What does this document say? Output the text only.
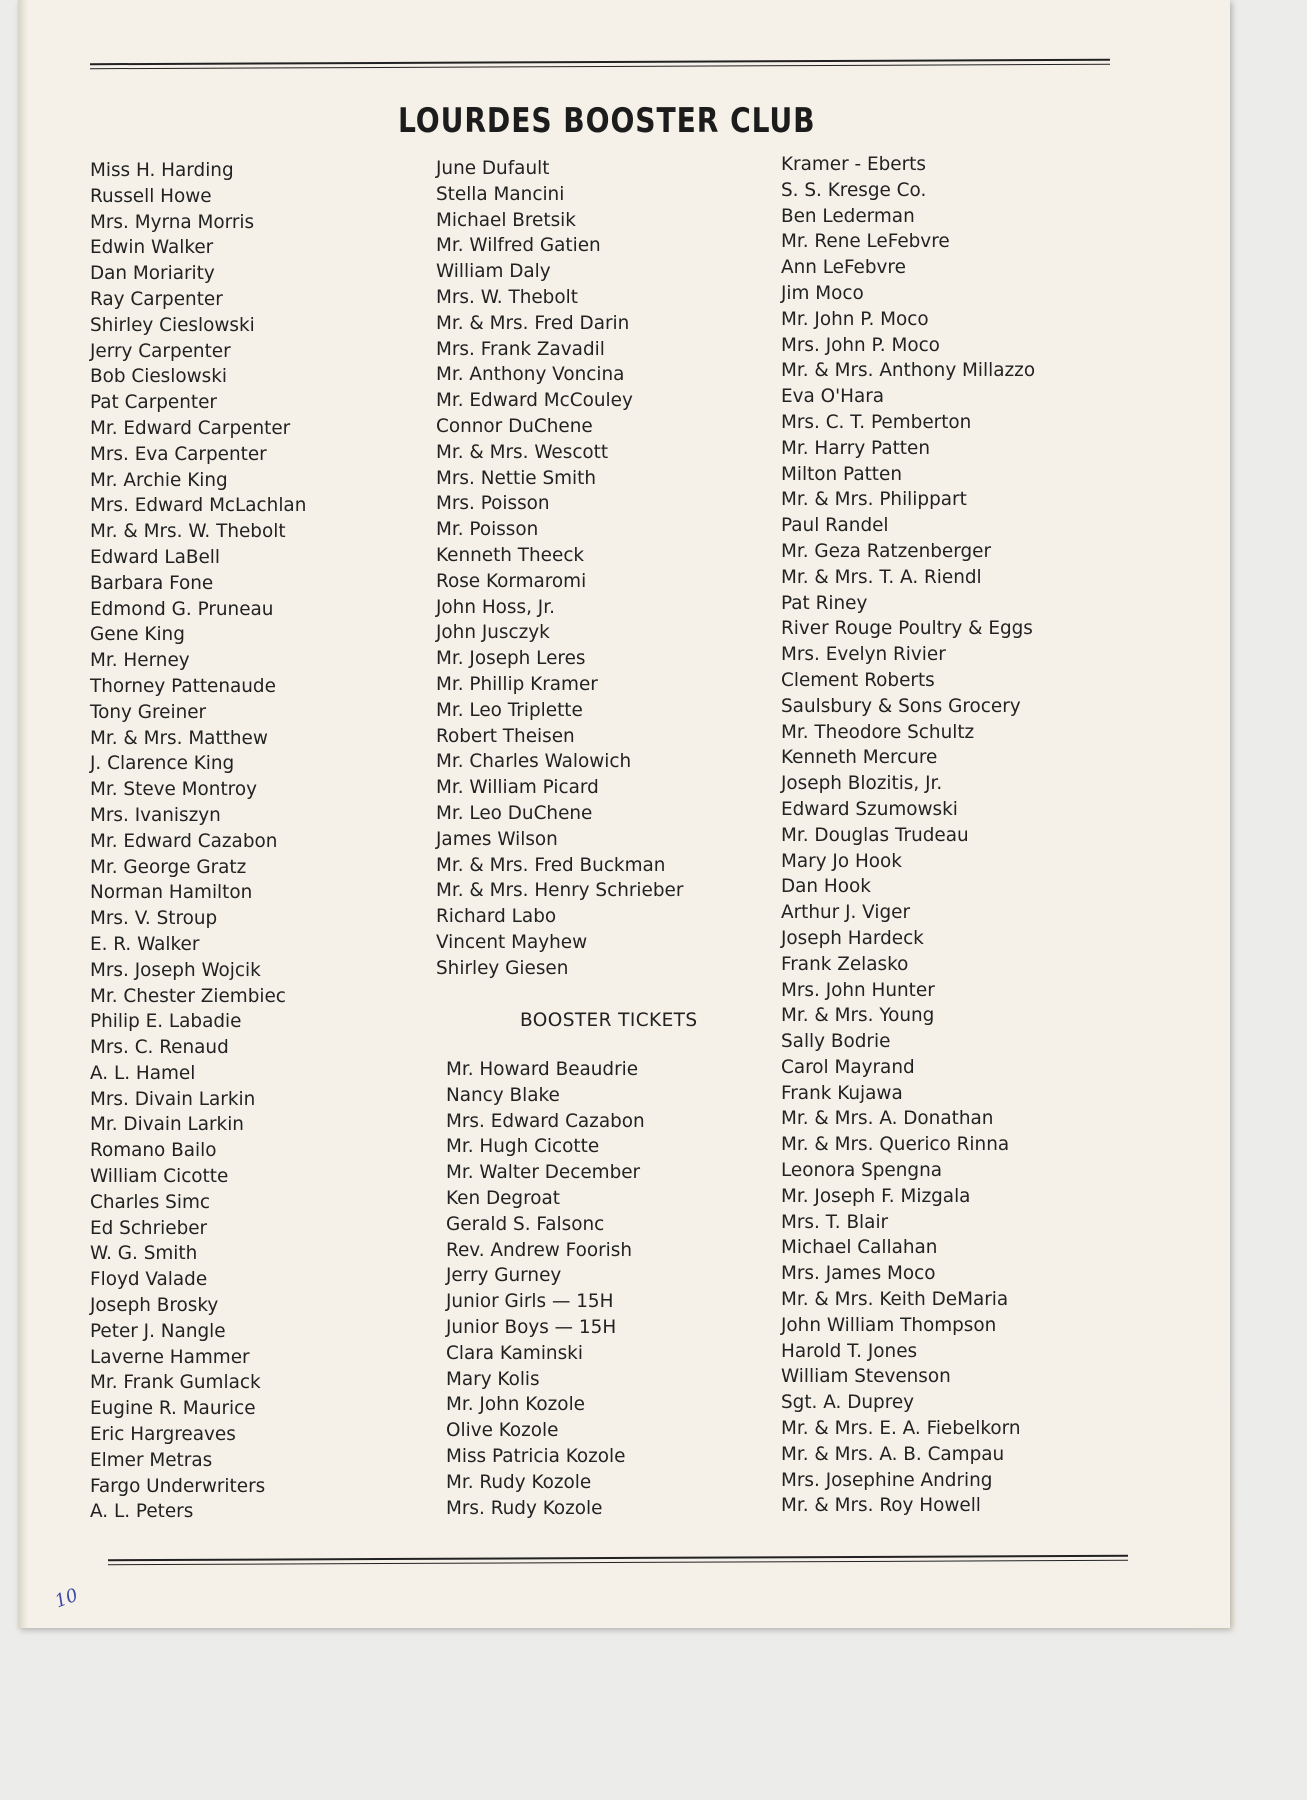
LOURDES BOOSTER CLUB
Miss H. Harding
Russell Howe
Mrs. Myrna Morris
Edwin Walker
Dan Moriarity
Ray Carpenter
Shirley Cieslowski
Jerry Carpenter
Bob Cieslowski
Pat Carpenter
Mr. Edward Carpenter
Mrs. Eva Carpenter
Mr. Archie King
Mrs. Edward McLachlan
Mr. & Mrs. W. Thebolt
Edward LaBell
Barbara Fone
Edmond G. Pruneau
Gene King
Mr. Herney
Thorney Pattenaude
Tony Greiner
Mr. & Mrs. Matthew
J. Clarence King
Mr. Steve Montroy
Mrs. Ivaniszyn
Mr. Edward Cazabon
Mr. George Gratz
Norman Hamilton
Mrs. V. Stroup
E. R. Walker
Mrs. Joseph Wojcik
Mr. Chester Ziembiec
Philip E. Labadie
Mrs. C. Renaud
A. L. Hamel
Mrs. Divain Larkin
Mr. Divain Larkin
Romano Bailo
William Cicotte
Charles Simc
Ed Schrieber
W. G. Smith
Floyd Valade
Joseph Brosky
Peter J. Nangle
Laverne Hammer
Mr. Frank Gumlack
Eugine R. Maurice
Eric Hargreaves
Elmer Metras
Fargo Underwriters
A. L. Peters
June Dufault
Stella Mancini
Michael Bretsik
Mr. Wilfred Gatien
William Daly
Mrs. W. Thebolt
Mr. & Mrs. Fred Darin
Mrs. Frank Zavadil
Mr. Anthony Voncina
Mr. Edward McCouley
Connor DuChene
Mr. & Mrs. Wescott
Mrs. Nettie Smith
Mrs. Poisson
Mr. Poisson
Kenneth Theeck
Rose Kormaromi
John Hoss, Jr.
John Jusczyk
Mr. Joseph Leres
Mr. Phillip Kramer
Mr. Leo Triplette
Robert Theisen
Mr. Charles Walowich
Mr. William Picard
Mr. Leo DuChene
James Wilson
Mr. & Mrs. Fred Buckman
Mr. & Mrs. Henry Schrieber
Richard Labo
Vincent Mayhew
Shirley Giesen
BOOSTER TICKETS
Mr. Howard Beaudrie
Nancy Blake
Mrs. Edward Cazabon
Mr. Hugh Cicotte
Mr. Walter December
Ken Degroat
Gerald S. Falsonc
Rev. Andrew Foorish
Jerry Gurney
Junior Girls — 15H
Junior Boys — 15H
Clara Kaminski
Mary Kolis
Mr. John Kozole
Olive Kozole
Miss Patricia Kozole
Mr. Rudy Kozole
Mrs. Rudy Kozole
Kramer - Eberts
S. S. Kresge Co.
Ben Lederman
Mr. Rene LeFebvre
Ann LeFebvre
Jim Moco
Mr. John P. Moco
Mrs. John P. Moco
Mr. & Mrs. Anthony Millazzo
Eva O'Hara
Mrs. C. T. Pemberton
Mr. Harry Patten
Milton Patten
Mr. & Mrs. Philippart
Paul Randel
Mr. Geza Ratzenberger
Mr. & Mrs. T. A. Riendl
Pat Riney
River Rouge Poultry & Eggs
Mrs. Evelyn Rivier
Clement Roberts
Saulsbury & Sons Grocery
Mr. Theodore Schultz
Kenneth Mercure
Joseph Blozitis, Jr.
Edward Szumowski
Mr. Douglas Trudeau
Mary Jo Hook
Dan Hook
Arthur J. Viger
Joseph Hardeck
Frank Zelasko
Mrs. John Hunter
Mr. & Mrs. Young
Sally Bodrie
Carol Mayrand
Frank Kujawa
Mr. & Mrs. A. Donathan
Mr. & Mrs. Querico Rinna
Leonora Spengna
Mr. Joseph F. Mizgala
Mrs. T. Blair
Michael Callahan
Mrs. James Moco
Mr. & Mrs. Keith DeMaria
John William Thompson
Harold T. Jones
William Stevenson
Sgt. A. Duprey
Mr. & Mrs. E. A. Fiebelkorn
Mr. & Mrs. A. B. Campau
Mrs. Josephine Andring
Mr. & Mrs. Roy Howell
10
